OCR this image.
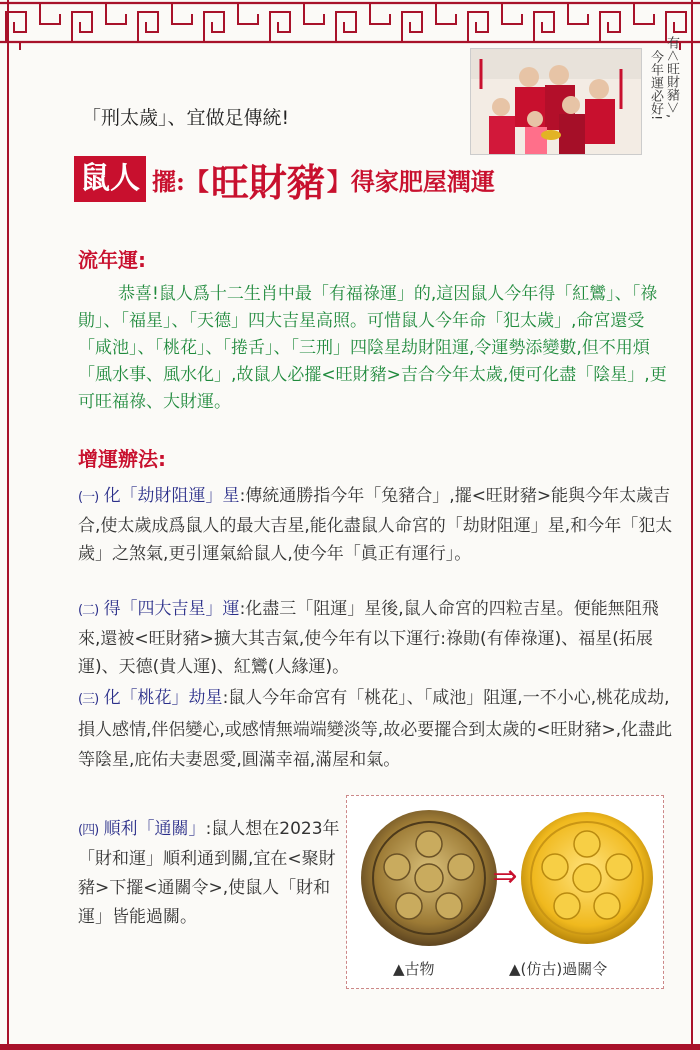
有＜旺財豬＞,
今年運必好!
「刑太歲」、宜做足傳統!
鼠人 擺:【 旺財豬 】得家肥屋潤運
流年運:

恭喜!鼠人爲十二生肖中最「有福祿運」的,這因鼠人今年得「紅鸞」、「祿勛」、「福星」、「天德」四大吉星高照。可惜鼠人今年命「犯太歲」,命宮還受「咸池」、「桃花」、「捲舌」、「三刑」四陰星劫財阻運,令運勢添變數,但不用煩「風水事、風水化」,故鼠人必擺<旺財豬>吉合今年太歲,便可化盡「陰星」,更可旺福祿、大財運。

增運辦法:

(一) 化「劫財阻運」星:傳統通勝指今年「兔豬合」,擺<旺財豬>能與今年太歲吉合,使太歲成爲鼠人的最大吉星,能化盡鼠人命宮的「劫財阻運」星,和今年「犯太歲」之煞氣,更引運氣給鼠人,使今年「眞正有運行」。

(二) 得「四大吉星」運:化盡三「阻運」星後,鼠人命宮的四粒吉星。便能無阻飛來,還被<旺財豬>擴大其吉氣,使今年有以下運行:祿勛(有俸祿運)、福星(拓展運)、天德(貴人運)、紅鸞(人緣運)。

(三) 化「桃花」劫星:鼠人今年命宮有「桃花」、「咸池」阻運,一不小心,桃花成劫,損人感情,伴侶變心,或感情無端端變淡等,故必要擺合到太歲的<旺財豬>,化盡此等陰星,庇佑夫妻恩愛,圓滿幸福,滿屋和氣。

(四) 順利「通關」:鼠人想在2023年「財和運」順利通到關,宜在<聚財豬>下擺<通關令>,使鼠人「財和運」皆能過關。

⇒
▲古物	▲(仿古)過關令
